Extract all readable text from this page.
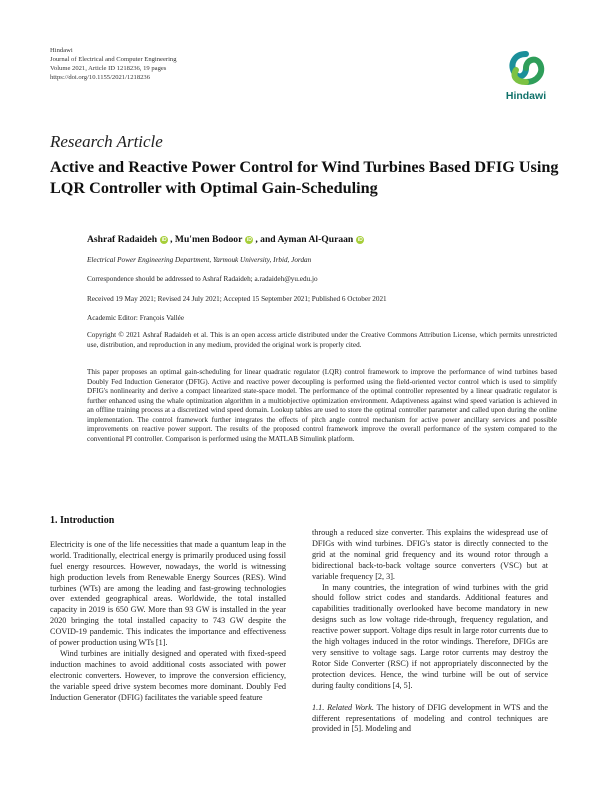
Hindawi
Journal of Electrical and Computer Engineering
Volume 2021, Article ID 1218236, 19 pages
https://doi.org/10.1155/2021/1218236
Hindawi
Research Article
Active and Reactive Power Control for Wind Turbines Based DFIG Using LQR Controller with Optimal Gain-Scheduling
Ashraf Radaideh iD , Mu'men Bodoor iD , and Ayman Al-Quraan iD
Electrical Power Engineering Department, Yarmouk University, Irbid, Jordan
Correspondence should be addressed to Ashraf Radaideh; a.radaideh@yu.edu.jo
Received 19 May 2021; Revised 24 July 2021; Accepted 15 September 2021; Published 6 October 2021
Academic Editor: François Vallée
Copyright © 2021 Ashraf Radaideh et al. This is an open access article distributed under the Creative Commons Attribution License, which permits unrestricted use, distribution, and reproduction in any medium, provided the original work is properly cited.
This paper proposes an optimal gain-scheduling for linear quadratic regulator (LQR) control framework to improve the performance of wind turbines based Doubly Fed Induction Generator (DFIG). Active and reactive power decoupling is performed using the field-oriented vector control which is used to simplify DFIG's nonlinearity and derive a compact linearized state-space model. The performance of the optimal controller represented by a linear quadratic regulator is further enhanced using the whale optimization algorithm in a multiobjective optimization environment. Adaptiveness against wind speed variation is achieved in an offline training process at a discretized wind speed domain. Lookup tables are used to store the optimal controller parameter and called upon during the online implementation. The control framework further integrates the effects of pitch angle control mechanism for active power ancillary services and possible improvements on reactive power support. The results of the proposed control framework improve the overall performance of the system compared to the conventional PI controller. Comparison is performed using the MATLAB Simulink platform.
1. Introduction

Electricity is one of the life necessities that made a quantum leap in the world. Traditionally, electrical energy is primarily produced using fossil fuel energy resources. However, nowadays, the world is witnessing high production levels from Renewable Energy Sources (RES). Wind turbines (WTs) are among the leading and fast-growing technologies over extended geographical areas. Worldwide, the total installed capacity in 2019 is 650 GW. More than 93 GW is installed in the year 2020 bringing the total installed capacity to 743 GW despite the COVID-19 pandemic. This indicates the importance and effectiveness of power production using WTs [1].

Wind turbines are initially designed and operated with fixed-speed induction machines to avoid additional costs associated with power electronic converters. However, to improve the conversion efficiency, the variable speed drive system becomes more dominant. Doubly Fed Induction Generator (DFIG) facilitates the variable speed feature

through a reduced size converter. This explains the widespread use of DFIGs with wind turbines. DFIG's stator is directly connected to the grid at the nominal grid frequency and its wound rotor through a bidirectional back-to-back voltage source converters (VSC) but at variable frequency [2, 3].

In many countries, the integration of wind turbines with the grid should follow strict codes and standards. Additional features and capabilities traditionally overlooked have become mandatory in new designs such as low voltage ride-through, frequency regulation, and reactive power support. Voltage dips result in large rotor currents due to the high voltages induced in the rotor windings. Therefore, DFIGs are very sensitive to voltage sags. Large rotor currents may destroy the Rotor Side Converter (RSC) if not appropriately disconnected by the protection devices. Hence, the wind turbine will be out of service during faulty conditions [4, 5].

1.1. Related Work. The history of DFIG development in WTS and the different representations of modeling and control techniques are provided in [5]. Modeling and
